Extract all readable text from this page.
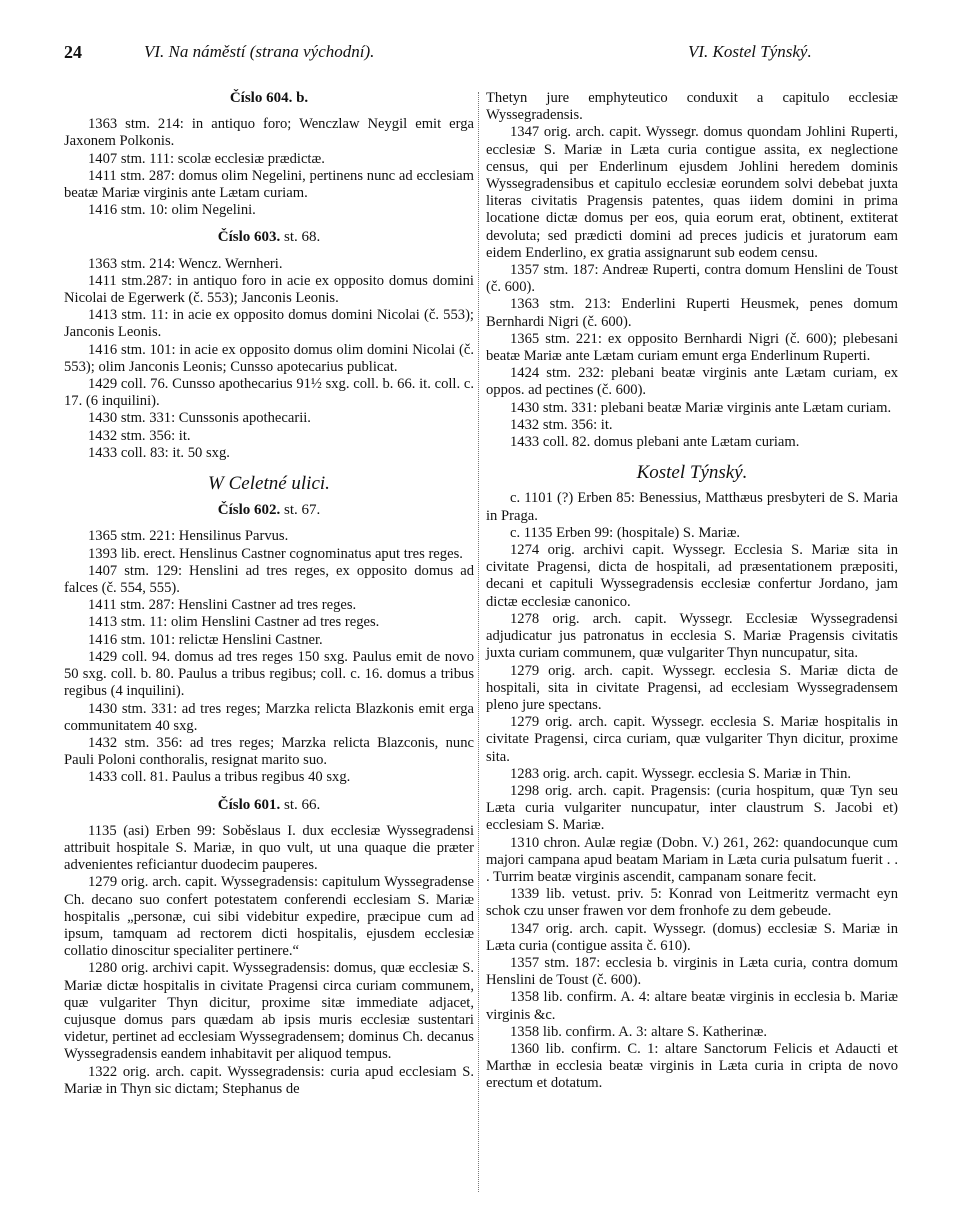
24	VI. Na náměstí (strana východní).	VI. Kostel Týnský.
Číslo 604. b.

1363 stm. 214: in antiquo foro; Wenczlaw Neygil emit erga Jaxonem Polkonis.

1407 stm. 111: scolæ ecclesiæ prædictæ.

1411 stm. 287: domus olim Negelini, pertinens nunc ad ecclesiam beatæ Mariæ virginis ante Lætam curiam.

1416 stm. 10: olim Negelini.

Číslo 603. st. 68.

1363 stm. 214: Wencz. Wernheri.

1411 stm.287: in antiquo foro in acie ex opposito domus domini Nicolai de Egerwerk (č. 553); Janconis Leonis.

1413 stm. 11: in acie ex opposito domus domini Nicolai (č. 553); Janconis Leonis.

1416 stm. 101: in acie ex opposito domus olim domini Nicolai (č. 553); olim Janconis Leonis; Cunsso apotecarius publicat.

1429 coll. 76. Cunsso apothecarius 91½ sxg. coll. b. 66. it. coll. c. 17. (6 inquilini).

1430 stm. 331: Cunssonis apothecarii.

1432 stm. 356: it.

1433 coll. 83: it. 50 sxg.

W Celetné ulici.
Číslo 602. st. 67.

1365 stm. 221: Hensilinus Parvus.

1393 lib. erect. Henslinus Castner cognominatus aput tres reges.

1407 stm. 129: Henslini ad tres reges, ex opposito domus ad falces (č. 554, 555).

1411 stm. 287: Henslini Castner ad tres reges.

1413 stm. 11: olim Henslini Castner ad tres reges.

1416 stm. 101: relictæ Henslini Castner.

1429 coll. 94. domus ad tres reges 150 sxg. Paulus emit de novo 50 sxg. coll. b. 80. Paulus a tribus regibus; coll. c. 16. domus a tribus regibus (4 inquilini).

1430 stm. 331: ad tres reges; Marzka relicta Blazkonis emit erga communitatem 40 sxg.

1432 stm. 356: ad tres reges; Marzka relicta Blazconis, nunc Pauli Poloni conthoralis, resignat marito suo.

1433 coll. 81. Paulus a tribus regibus 40 sxg.

Číslo 601. st. 66.

1135 (asi) Erben 99: Soběslaus I. dux ecclesiæ Wyssegradensi attribuit hospitale S. Mariæ, in quo vult, ut una quaque die præter advenientes reficiantur duodecim pauperes.

1279 orig. arch. capit. Wyssegradensis: capitulum Wyssegradense Ch. decano suo confert potestatem conferendi ecclesiam S. Mariæ hospitalis „personæ, cui sibi videbitur expedire, præcipue cum ad ipsum, tamquam ad rectorem dicti hospitalis, ejusdem ecclesiæ collatio dinoscitur specialiter pertinere.“

1280 orig. archivi capit. Wyssegradensis: domus, quæ ecclesiæ S. Mariæ dictæ hospitalis in civitate Pragensi circa curiam communem, quæ vulgariter Thyn dicitur, proxime sitæ immediate adjacet, cujusque domus pars quædam ab ipsis muris ecclesiæ sustentari videtur, pertinet ad ecclesiam Wyssegradensem; dominus Ch. decanus Wyssegradensis eandem inhabitavit per aliquod tempus.

1322 orig. arch. capit. Wyssegradensis: curia apud ecclesiam S. Mariæ in Thyn sic dictam; Stephanus de

Thetyn jure emphyteutico conduxit a capitulo ecclesiæ Wyssegradensis.

1347 orig. arch. capit. Wyssegr. domus quondam Johlini Ruperti, ecclesiæ S. Mariæ in Læta curia contigue assita, ex neglectione census, qui per Enderlinum ejusdem Johlini heredem dominis Wyssegradensibus et capitulo ecclesiæ eorundem solvi debebat juxta literas civitatis Pragensis patentes, quas iidem domini in prima locatione dictæ domus per eos, quia eorum erat, obtinent, extiterat devoluta; sed prædicti domini ad preces judicis et juratorum eam eidem Enderlino, ex gratia assignarunt sub eodem censu.

1357 stm. 187: Andreæ Ruperti, contra domum Henslini de Toust (č. 600).

1363 stm. 213: Enderlini Ruperti Heusmek, penes domum Bernhardi Nigri (č. 600).

1365 stm. 221: ex opposito Bernhardi Nigri (č. 600); plebesani beatæ Mariæ ante Lætam curiam emunt erga Enderlinum Ruperti.

1424 stm. 232: plebani beatæ virginis ante Lætam curiam, ex oppos. ad pectines (č. 600).

1430 stm. 331: plebani beatæ Mariæ virginis ante Lætam curiam.

1432 stm. 356: it.

1433 coll. 82. domus plebani ante Lætam curiam.

Kostel Týnský.

c. 1101 (?) Erben 85: Benessius, Matthæus presbyteri de S. Maria in Praga.

c. 1135 Erben 99: (hospitale) S. Mariæ.

1274 orig. archivi capit. Wyssegr. Ecclesia S. Mariæ sita in civitate Pragensi, dicta de hospitali, ad præsentationem præpositi, decani et capituli Wyssegradensis ecclesiæ confertur Jordano, jam dictæ ecclesiæ canonico.

1278 orig. arch. capit. Wyssegr. Ecclesiæ Wyssegradensi adjudicatur jus patronatus in ecclesia S. Mariæ Pragensis civitatis juxta curiam communem, quæ vulgariter Thyn nuncupatur, sita.

1279 orig. arch. capit. Wyssegr. ecclesia S. Mariæ dicta de hospitali, sita in civitate Pragensi, ad ecclesiam Wyssegradensem pleno jure spectans.

1279 orig. arch. capit. Wyssegr. ecclesia S. Mariæ hospitalis in civitate Pragensi, circa curiam, quæ vulgariter Thyn dicitur, proxime sita.

1283 orig. arch. capit. Wyssegr. ecclesia S. Mariæ in Thin.

1298 orig. arch. capit. Pragensis: (curia hospitum, quæ Tyn seu Læta curia vulgariter nuncupatur, inter claustrum S. Jacobi et) ecclesiam S. Mariæ.

1310 chron. Aulæ regiæ (Dobn. V.) 261, 262: quandocunque cum majori campana apud beatam Mariam in Læta curia pulsatum fuerit . . . Turrim beatæ virginis ascendit, campanam sonare fecit.

1339 lib. vetust. priv. 5: Konrad von Leitmeritz vermacht eyn schok czu unser frawen vor dem fronhofe zu dem gebeude.

1347 orig. arch. capit. Wyssegr. (domus) ecclesiæ S. Mariæ in Læta curia (contigue assita č. 610).

1357 stm. 187: ecclesia b. virginis in Læta curia, contra domum Henslini de Toust (č. 600).

1358 lib. confirm. A. 4: altare beatæ virginis in ecclesia b. Mariæ virginis &c.

1358 lib. confirm. A. 3: altare S. Katherinæ.

1360 lib. confirm. C. 1: altare Sanctorum Felicis et Adaucti et Marthæ in ecclesia beatæ virginis in Læta curia in cripta de novo erectum et dotatum.
